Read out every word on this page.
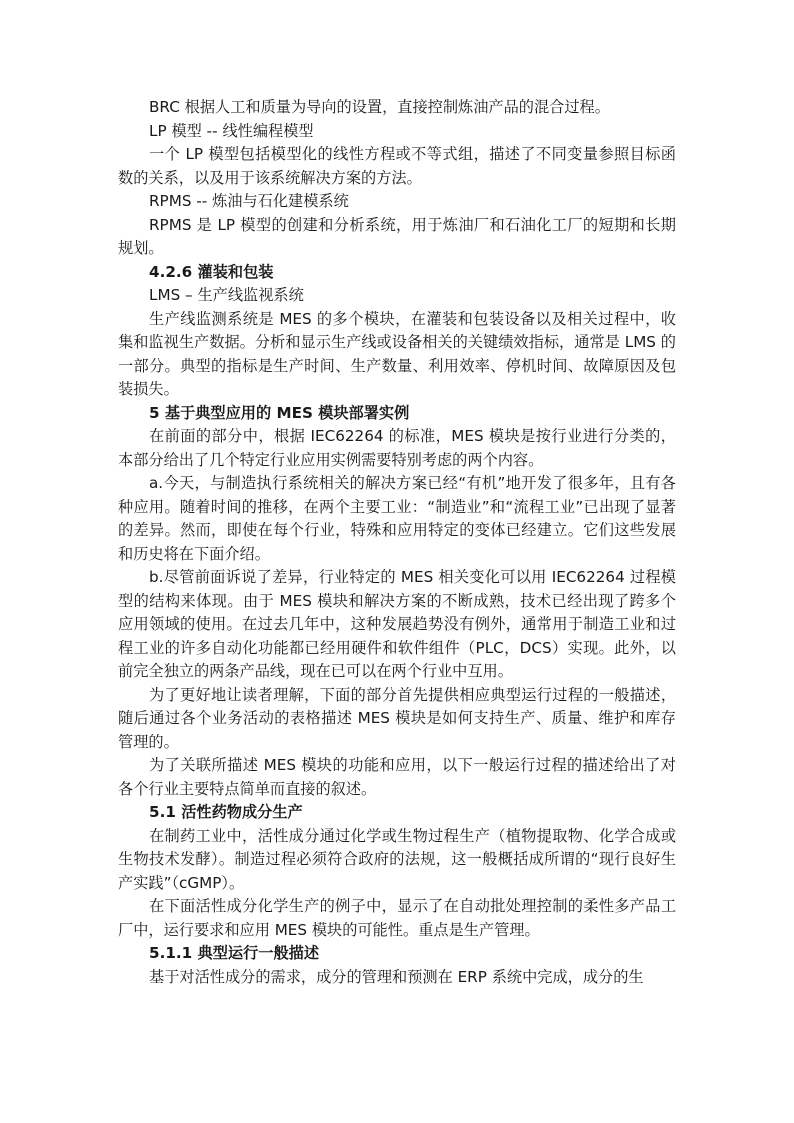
BRC 根据人工和质量为导向的设置，直接控制炼油产品的混合过程。

LP 模型 -- 线性编程模型

一个 LP 模型包括模型化的线性方程或不等式组，描述了不同变量参照目标函数的关系，以及用于该系统解决方案的方法。

RPMS -- 炼油与石化建模系统

RPMS 是 LP 模型的创建和分析系统，用于炼油厂和石油化工厂的短期和长期规划。

4.2.6 灌装和包装

LMS – 生产线监视系统

生产线监测系统是 MES 的多个模块，在灌装和包装设备以及相关过程中，收集和监视生产数据。分析和显示生产线或设备相关的关键绩效指标，通常是 LMS 的一部分。典型的指标是生产时间、生产数量、利用效率、停机时间、故障原因及包装损失。

5 基于典型应用的 MES 模块部署实例

在前面的部分中，根据 IEC62264 的标准，MES 模块是按行业进行分类的，本部分给出了几个特定行业应用实例需要特别考虑的两个内容。

a.今天，与制造执行系统相关的解决方案已经“有机”地开发了很多年，且有各种应用。随着时间的推移，在两个主要工业：“制造业”和“流程工业”已出现了显著的差异。然而，即使在每个行业，特殊和应用特定的变体已经建立。它们这些发展和历史将在下面介绍。

b.尽管前面诉说了差异，行业特定的 MES 相关变化可以用 IEC62264 过程模型的结构来体现。由于 MES 模块和解决方案的不断成熟，技术已经出现了跨多个应用领域的使用。在过去几年中，这种发展趋势没有例外，通常用于制造工业和过程工业的许多自动化功能都已经用硬件和软件组件（PLC，DCS）实现。此外，以前完全独立的两条产品线，现在已可以在两个行业中互用。

为了更好地让读者理解，下面的部分首先提供相应典型运行过程的一般描述，随后通过各个业务活动的表格描述 MES 模块是如何支持生产、质量、维护和库存管理的。

为了关联所描述 MES 模块的功能和应用，以下一般运行过程的描述给出了对各个行业主要特点简单而直接的叙述。

5.1 活性药物成分生产

在制药工业中，活性成分通过化学或生物过程生产（植物提取物、化学合成或生物技术发酵）。制造过程必须符合政府的法规，这一般概括成所谓的“现行良好生产实践”（cGMP）。

在下面活性成分化学生产的例子中，显示了在自动批处理控制的柔性多产品工厂中，运行要求和应用 MES 模块的可能性。重点是生产管理。

5.1.1 典型运行一般描述

基于对活性成分的需求，成分的管理和预测在 ERP 系统中完成，成分的生
